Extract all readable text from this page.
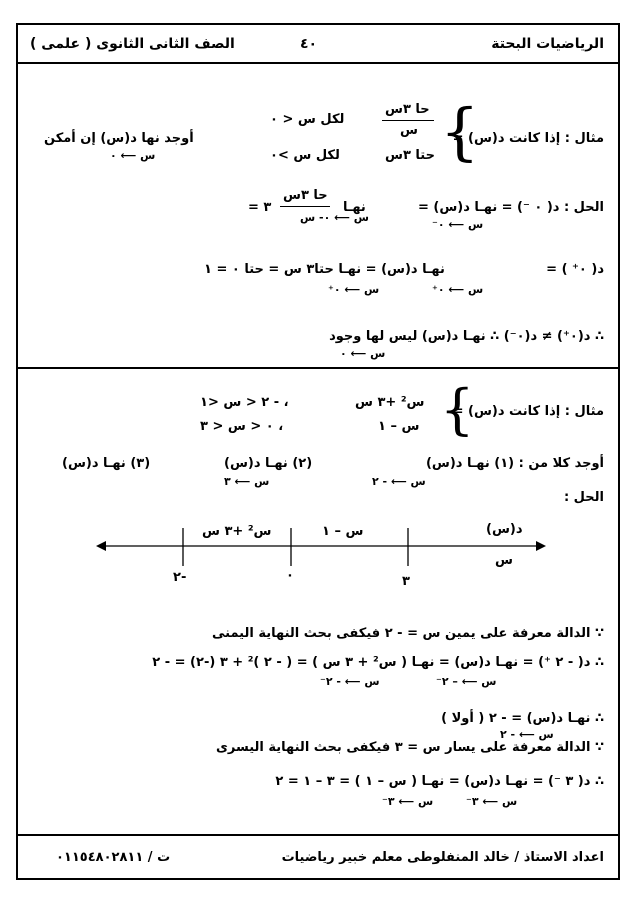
الرياضيات البحتة
٤٠
الصف الثانى الثانوى ( علمى )
مثال : إذا كانت د(س) =
{
حا ٣س
س
لكل س < ٠
حتا ٣س
لكل س >٠
أوجد نها د(س) إن أمكن
س ⟵ ٠
الحل : د( ٠ ⁻) =
نهـا د(س) =
س ⟵ ٠⁻
نهـا
س ⟵ ٠- س
حا ٣س
= ٣
د( ٠⁺ ) =
نهـا د(س) = نهـا حتا٣ س = حتا ٠ = ١
س ⟵ ٠⁺
س ⟵ ٠⁺
∴ د(٠⁺) ≠ د(٠⁻) ∴ نهـا د(س) ليس لها وجود
س ⟵ ٠
مثال : إذا كانت د(س) =
{
س² +٣ س
، - ٢ < س <١
س – ١
، ٠ < س < ٣
أوجد كلا من : (١) نهـا د(س)
س ⟵ - ٢
(٢) نهـا د(س)
س ⟵ ٣
(٣) نهـا د(س)
الحل :
د(س)
س
س – ١
س² +٣ س
٢-	٠	٣
∵ الدالة معرفة على يمين س = - ٢ فيكفى بحث النهاية اليمنى
∴ د( - ٢ ⁺) = نهـا د(س) = نهـا ( س² + ٣ س ) = ( - ٢ )² + ٣ (-٢) = - ٢
س ⟵ – ٢⁻
س ⟵ - ٢⁻
∴ نهـا د(س) = - ٢ ( أولا )
س ⟵ - ٢
∵ الدالة معرفة على يسار س = ٣ فيكفى بحث النهاية اليسرى
∴ د( ٣ ⁻) = نهـا د(س) = نهـا ( س – ١ ) = ٣ – ١ = ٢
س ⟵ ٣⁻
س ⟵ ٣⁻
اعداد الاستاذ / خالد المنفلوطى معلم خبير رياضيات
ت / ٠١١٥٤٨٠٢٨١١
